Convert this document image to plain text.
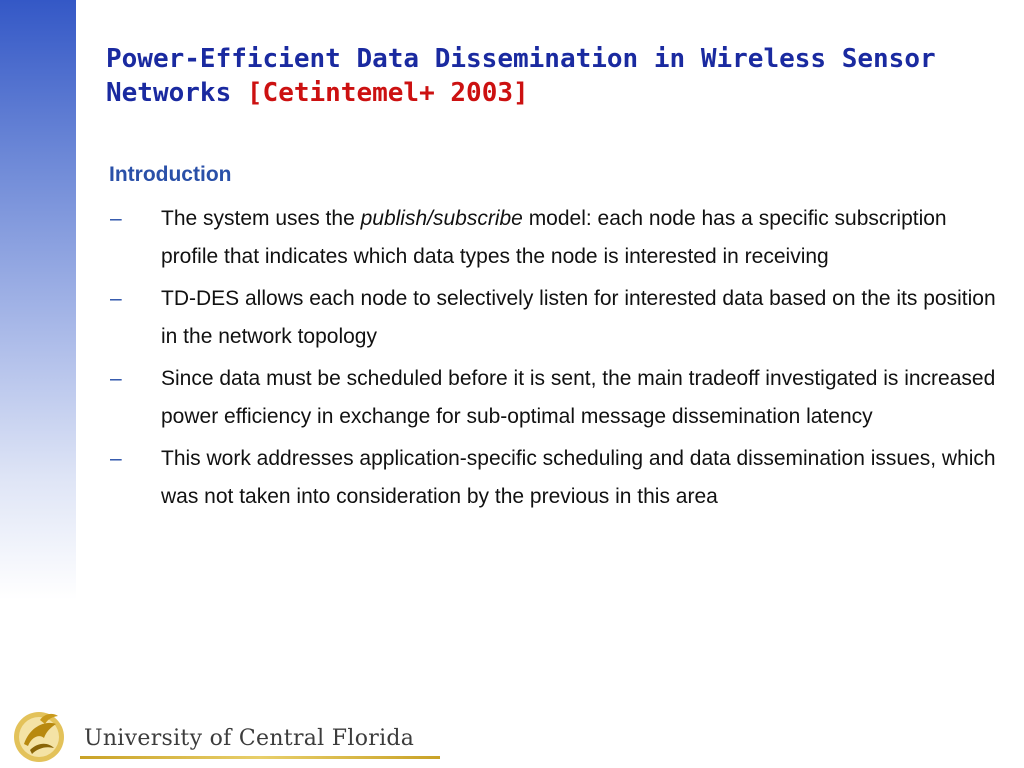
Power-Efficient Data Dissemination in Wireless Sensor Networks [Cetintemel+ 2003]
Introduction
– The system uses the publish/subscribe model: each node has a specific subscription profile that indicates which data types the node is interested in receiving
– TD-DES allows each node to selectively listen for interested data based on the its position in the network topology
– Since data must be scheduled before it is sent, the main tradeoff investigated is increased power efficiency in exchange for sub-optimal message dissemination latency
– This work addresses application-specific scheduling and data dissemination issues, which was not taken into consideration by the previous in this area
University of Central Florida
